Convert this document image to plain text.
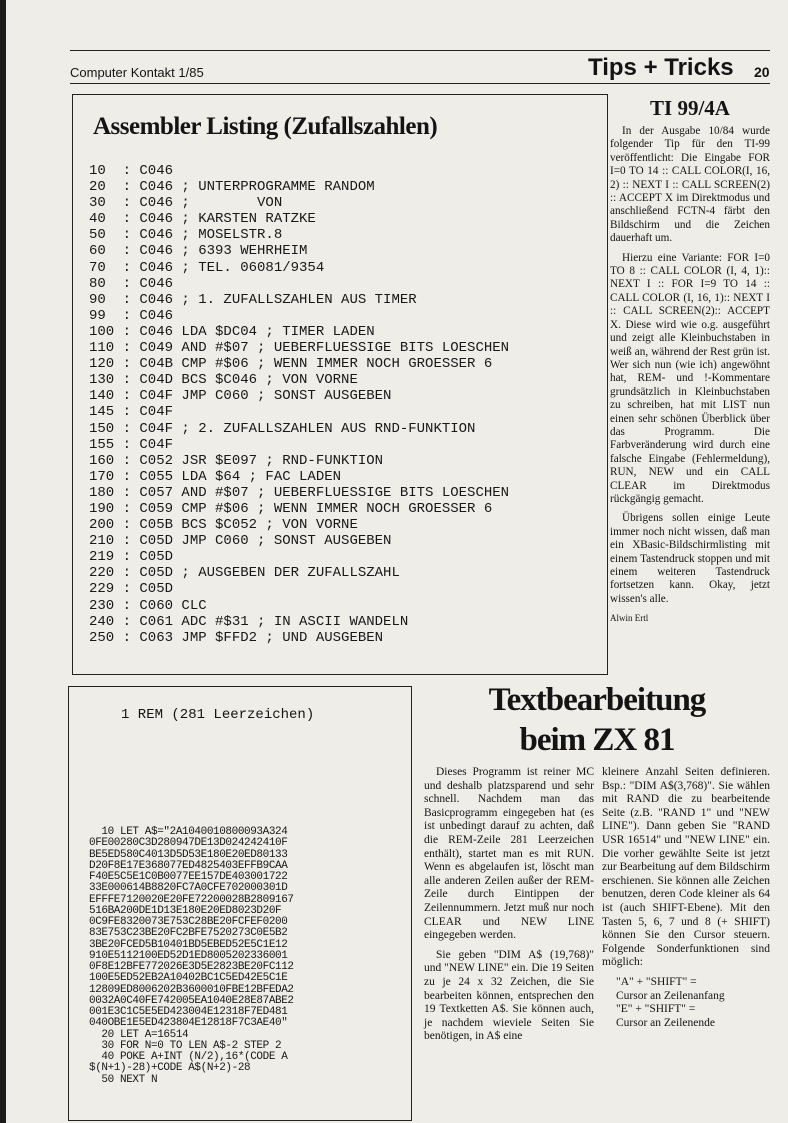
Computer Kontakt 1/85	Tips + Tricks 20
Assembler Listing (Zufallszahlen)
10  : C046
20  : C046 ; UNTERPROGRAMME RANDOM
30  : C046 ;        VON
40  : C046 ; KARSTEN RATZKE
50  : C046 ; MOSELSTR.8
60  : C046 ; 6393 WEHRHEIM
70  : C046 ; TEL. 06081/9354
80  : C046
90  : C046 ; 1. ZUFALLSZAHLEN AUS TIMER
99  : C046
100 : C046 LDA $DC04 ; TIMER LADEN
110 : C049 AND #$07 ; UEBERFLUESSIGE BITS LOESCHEN
120 : C04B CMP #$06 ; WENN IMMER NOCH GROESSER 6
130 : C04D BCS $C046 ; VON VORNE
140 : C04F JMP C060 ; SONST AUSGEBEN
145 : C04F
150 : C04F ; 2. ZUFALLSZAHLEN AUS RND-FUNKTION
155 : C04F
160 : C052 JSR $E097 ; RND-FUNKTION
170 : C055 LDA $64 ; FAC LADEN
180 : C057 AND #$07 ; UEBERFLUESSIGE BITS LOESCHEN
190 : C059 CMP #$06 ; WENN IMMER NOCH GROESSER 6
200 : C05B BCS $C052 ; VON VORNE
210 : C05D JMP C060 ; SONST AUSGEBEN
219 : C05D
220 : C05D ; AUSGEBEN DER ZUFALLSZAHL
229 : C05D
230 : C060 CLC
240 : C061 ADC #$31 ; IN ASCII WANDELN
250 : C063 JMP $FFD2 ; UND AUSGEBEN
TI 99/4A

In der Ausgabe 10/84 wurde folgender Tip für den TI-99 veröffentlicht: Die Eingabe FOR I=0 TO 14 :: CALL COLOR(I, 16, 2) :: NEXT I :: CALL SCREEN(2) :: ACCEPT X im Direktmodus und anschließend FCTN-4 färbt den Bildschirm und die Zeichen dauerhaft um.

Hierzu eine Variante: FOR I=0 TO 8 :: CALL COLOR (I, 4, 1):: NEXT I :: FOR I=9 TO 14 :: CALL COLOR (I, 16, 1):: NEXT I :: CALL SCREEN(2):: ACCEPT X. Diese wird wie o.g. ausgeführt und zeigt alle Kleinbuchstaben in weiß an, während der Rest grün ist. Wer sich nun (wie ich) angewöhnt hat, REM- und !-Kommentare grundsätzlich in Kleinbuchstaben zu schreiben, hat mit LIST nun einen sehr schönen Überblick über das Programm. Die Farbveränderung wird durch eine falsche Eingabe (Fehlermeldung), RUN, NEW und ein CALL CLEAR im Direktmodus rückgängig gemacht.

Übrigens sollen einige Leute immer noch nicht wissen, daß man ein XBasic-Bildschirmlisting mit einem Tastendruck stoppen und mit einem weiteren Tastendruck fortsetzen kann. Okay, jetzt wissen's alle.

Alwin Ertl

1 REM (281 Leerzeichen)
10 LET A$="2A1040010800093A324
0FE00280C3D280947DE13D024242410F
BE5ED580C4013D5D53E180E20ED80133
D20F8E17E368077ED4825403EFFB9CAA
F40E5C5E1C0B0077EE157DE403001722
33E000614B8820FC7A0CFE702000301D
EFFFE7120020E20FE72200028B2809167
516BA200DE1D13E180E20ED8023D20F
0C9FE8320073E753C28BE20FCFEF0200
83E753C23BE20FC2BFE7520273C0E5B2
3BE20FCED5B10401BD5EBED52E5C1E12
910E5112100ED52D1ED8005202336001
0F8E12BFE772026E3D5E2823BE20FC112
100E5ED52EB2A10402BC1C5ED42E5C1E
12809ED8006202B3600010FBE12BFEDA2
0032A0C40FE742005EA1040E28E87ABE2
001E3C1C5E5ED423004E12318F7ED481
040OBE1E5ED423804E12818F7C3AE40"
20 LET A=16514
30 FOR N=0 TO LEN A$-2 STEP 2
40 POKE A+INT (N/2),16*(CODE A
$(N+1)-28)+CODE A$(N+2)-28
50 NEXT N
Textbearbeitung
beim ZX 81

Dieses Programm ist reiner MC und deshalb platzsparend und sehr schnell. Nachdem man das Basicprogramm eingegeben hat (es ist unbedingt darauf zu achten, daß die REM-Zeile 281 Leerzeichen enthält), startet man es mit RUN. Wenn es abgelaufen ist, löscht man alle anderen Zeilen außer der REM-Zeile durch Eintippen der Zeilennummern. Jetzt muß nur noch CLEAR und NEW LINE eingegeben werden.

Sie geben "DIM A$ (19,768)" und "NEW LINE" ein. Die 19 Seiten zu je 24 x 32 Zeichen, die Sie bearbeiten können, entsprechen den 19 Textketten A$. Sie können auch, je nachdem wieviele Seiten Sie benötigen, in A$ eine

kleinere Anzahl Seiten definieren. Bsp.: "DIM A$(3,768)". Sie wählen mit RAND die zu bearbeitende Seite (z.B. "RAND 1" und "NEW LINE"). Dann geben Sie "RAND USR 16514" und "NEW LINE" ein. Die vorher gewählte Seite ist jetzt zur Bearbeitung auf dem Bildschirm erschienen. Sie können alle Zeichen benutzen, deren Code kleiner als 64 ist (auch SHIFT-Ebene). Mit den Tasten 5, 6, 7 und 8 (+ SHIFT) können Sie den Cursor steuern. Folgende Sonderfunktionen sind möglich:

"A" + "SHIFT" =

Cursor an Zeilenanfang

"E" + "SHIFT" =

Cursor an Zeilenende
